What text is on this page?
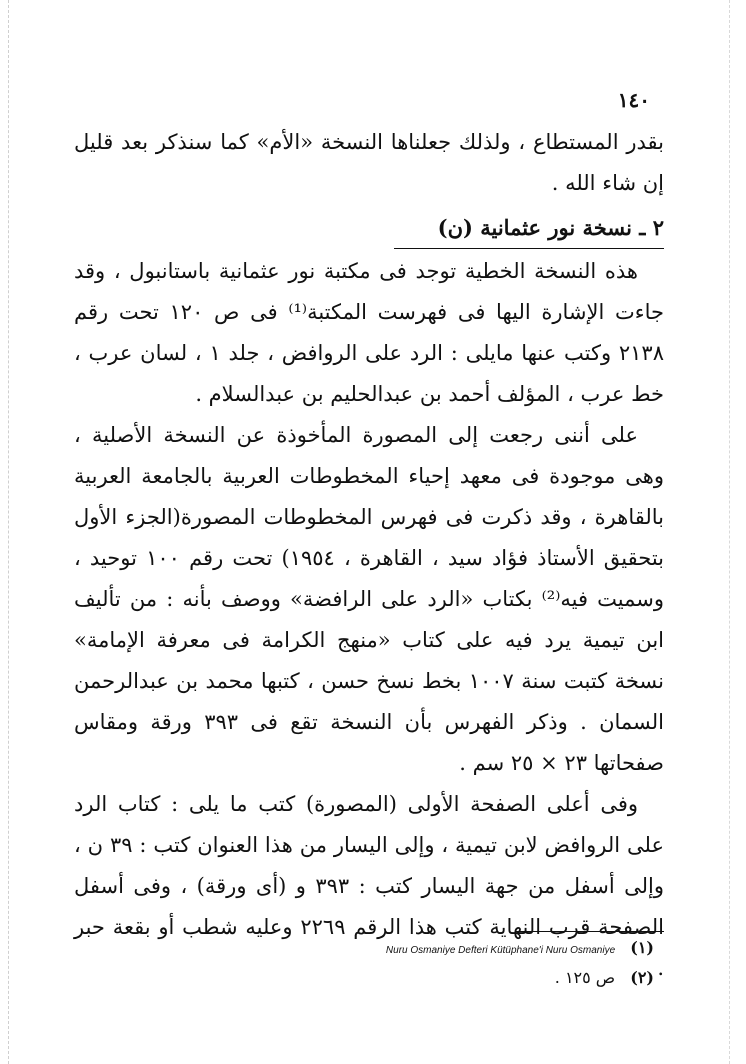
١٤٠

بقدر المستطاع ، ولذلك جعلناها النسخة «الأم» كما سنذكر بعد قليل إن شاء الله .

٢ ـ نسخة نور عثمانية (ن)

هذه النسخة الخطية توجد فى مكتبة نور عثمانية باستانبول ، وقد جاءت الإشارة اليها فى فهرست المكتبة⁽¹⁾ فى ص ١٢٠ تحت رقم ٢١٣٨ وكتب عنها مايلى : الرد على الروافض ، جلد ١ ، لسان عرب ، خط عرب ، المؤلف أحمد بن عبدالحليم بن عبدالسلام .

على أننى رجعت إلى المصورة المأخوذة عن النسخة الأصلية ، وهى موجودة فى معهد إحياء المخطوطات العربية بالجامعة العربية بالقاهرة ، وقد ذكرت فى فهرس المخطوطات المصورة(الجزء الأول بتحقيق الأستاذ فؤاد سيد ، القاهرة ، ١٩٥٤) تحت رقم ١٠٠ توحيد ، وسميت فيه⁽²⁾ بكتاب «الرد على الرافضة» ووصف بأنه : من تأليف ابن تيمية يرد فيه على كتاب «منهج الكرامة فى معرفة الإمامة» نسخة كتبت سنة ١٠٠٧ بخط نسخ حسن ، كتبها محمد بن عبدالرحمن السمان . وذكر الفهرس بأن النسخة تقع فى ٣٩٣ ورقة ومقاس صفحاتها ٢٣ × ٢٥ سم .

وفى أعلى الصفحة الأولى (المصورة) كتب ما يلى : كتاب الرد على الروافض لابن تيمية ، وإلى اليسار من هذا العنوان كتب : ٣٩ ن ، وإلى أسفل من جهة اليسار كتب : ٣٩٣ و (أى ورقة) ، وفى أسفل الصفحة قرب النهاية كتب هذا الرقم ٢٢٦٩ وعليه شطب أو بقعة حبر .

(١) Nuru Osmaniye Defteri Kütüphane'i Nuru Osmaniye
(٢) ص ١٢٥ .
